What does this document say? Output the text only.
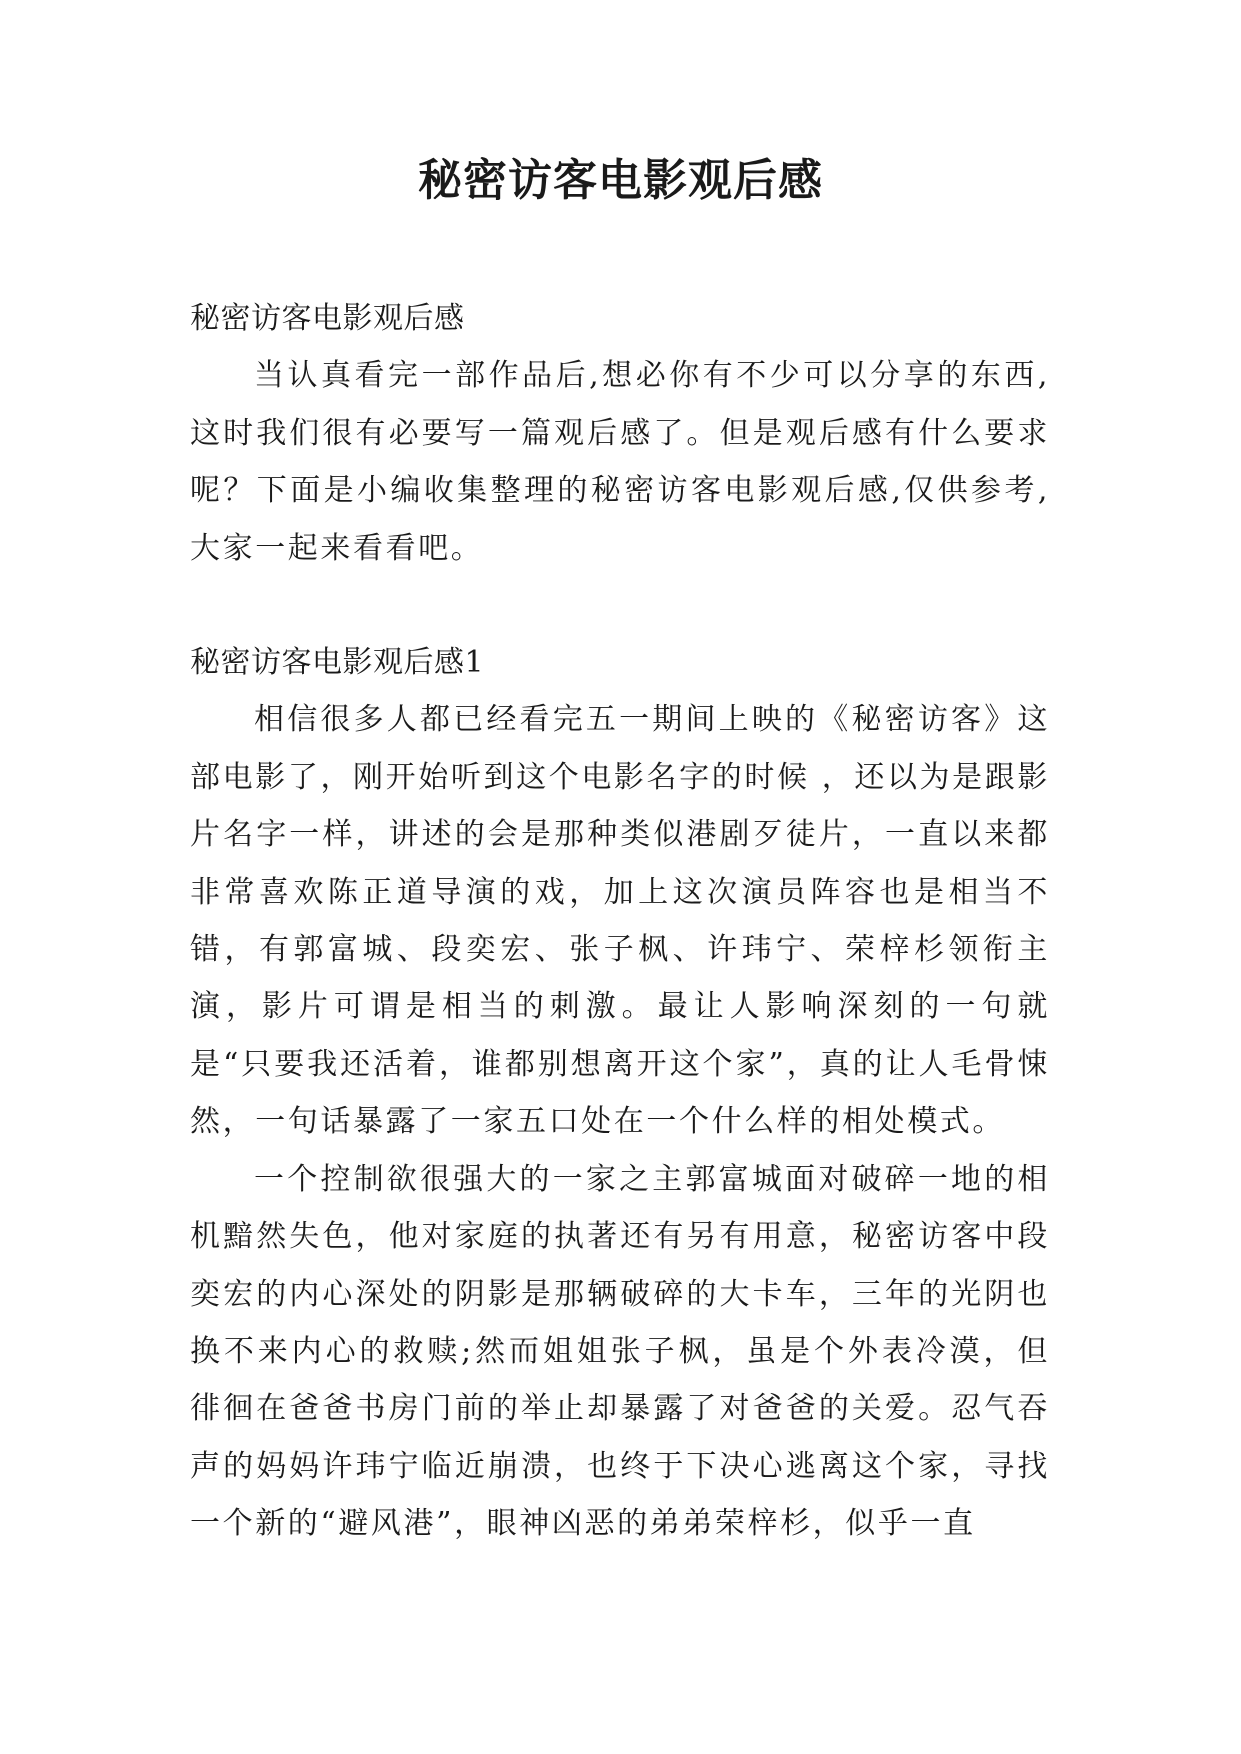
秘密访客电影观后感
秘密访客电影观后感

当认真看完一部作品后,想必你有不少可以分享的东西,这时我们很有必要写一篇观后感了。但是观后感有什么要求呢？下面是小编收集整理的秘密访客电影观后感,仅供参考,大家一起来看看吧。

秘密访客电影观后感1

相信很多人都已经看完五一期间上映的《秘密访客》这部电影了，刚开始听到这个电影名字的时候 ，还以为是跟影片名字一样，讲述的会是那种类似港剧歹徒片，一直以来都非常喜欢陈正道导演的戏，加上这次演员阵容也是相当不错，有郭富城、段奕宏、张子枫、许玮宁、荣梓杉领衔主演，影片可谓是相当的刺激。最让人影响深刻的一句就是“只要我还活着，谁都别想离开这个家”，真的让人毛骨悚然，一句话暴露了一家五口处在一个什么样的相处模式。

一个控制欲很强大的一家之主郭富城面对破碎一地的相机黯然失色，他对家庭的执著还有另有用意，秘密访客中段奕宏的内心深处的阴影是那辆破碎的大卡车，三年的光阴也换不来内心的救赎;然而姐姐张子枫，虽是个外表冷漠，但徘徊在爸爸书房门前的举止却暴露了对爸爸的关爱。忍气吞声的妈妈许玮宁临近崩溃，也终于下决心逃离这个家，寻找一个新的“避风港”，眼神凶恶的弟弟荣梓杉，似乎一直
